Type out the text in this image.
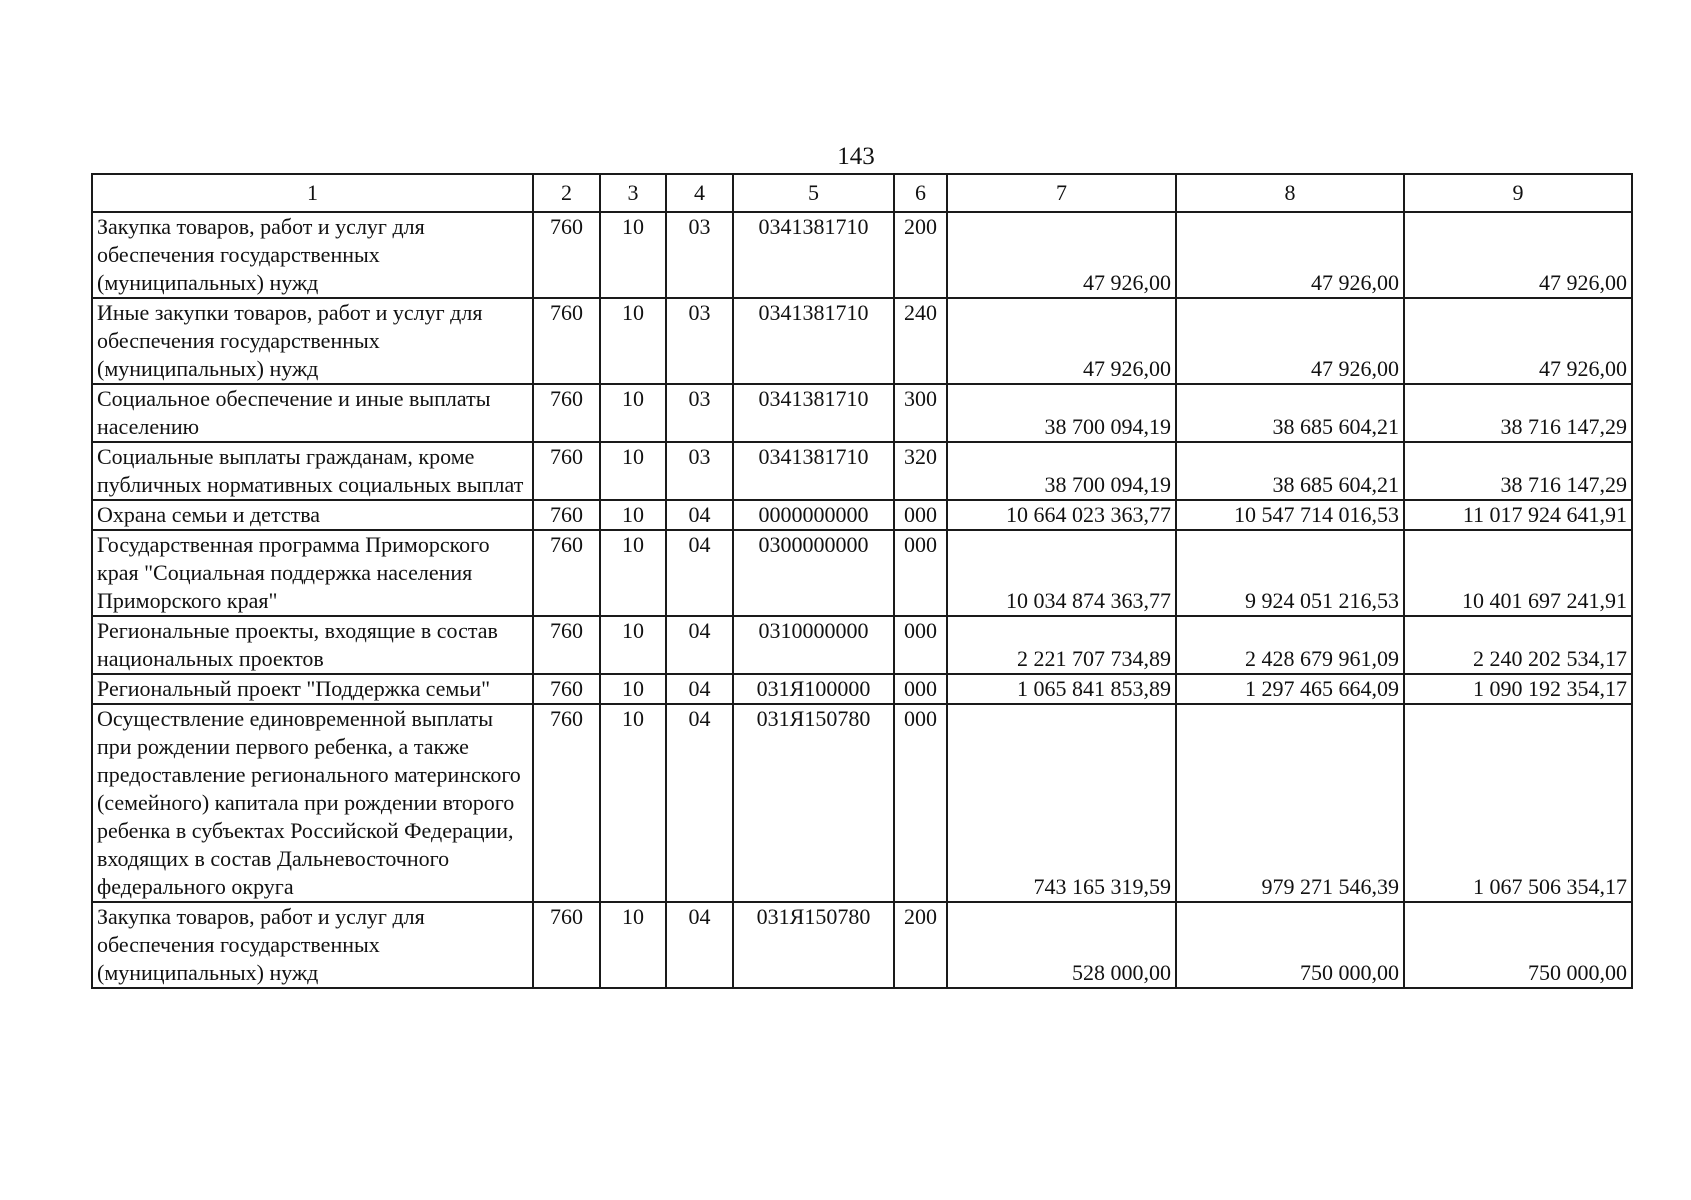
143
1	2	3	4	5	6	7	8	9
Закупка товаров, работ и услуг для обеспечения государственных (муниципальных) нужд	760	10	03	0341381710	200	47 926,00	47 926,00	47 926,00
Иные закупки товаров, работ и услуг для обеспечения государственных (муниципальных) нужд	760	10	03	0341381710	240	47 926,00	47 926,00	47 926,00
Социальное обеспечение и иные выплаты населению	760	10	03	0341381710	300	38 700 094,19	38 685 604,21	38 716 147,29
Социальные выплаты гражданам, кроме публичных нормативных социальных выплат	760	10	03	0341381710	320	38 700 094,19	38 685 604,21	38 716 147,29
Охрана семьи и детства	760	10	04	0000000000	000	10 664 023 363,77	10 547 714 016,53	11 017 924 641,91
Государственная программа Приморского края "Социальная поддержка населения Приморского края"	760	10	04	0300000000	000	10 034 874 363,77	9 924 051 216,53	10 401 697 241,91
Региональные проекты, входящие в состав национальных проектов	760	10	04	0310000000	000	2 221 707 734,89	2 428 679 961,09	2 240 202 534,17
Региональный проект "Поддержка семьи"	760	10	04	031Я100000	000	1 065 841 853,89	1 297 465 664,09	1 090 192 354,17
Осуществление единовременной выплаты при рождении первого ребенка, а также предоставление регионального материнского (семейного) капитала при рождении второго ребенка в субъектах Российской Федерации, входящих в состав Дальневосточного федерального округа	760	10	04	031Я150780	000	743 165 319,59	979 271 546,39	1 067 506 354,17
Закупка товаров, работ и услуг для обеспечения государственных (муниципальных) нужд	760	10	04	031Я150780	200	528 000,00	750 000,00	750 000,00
